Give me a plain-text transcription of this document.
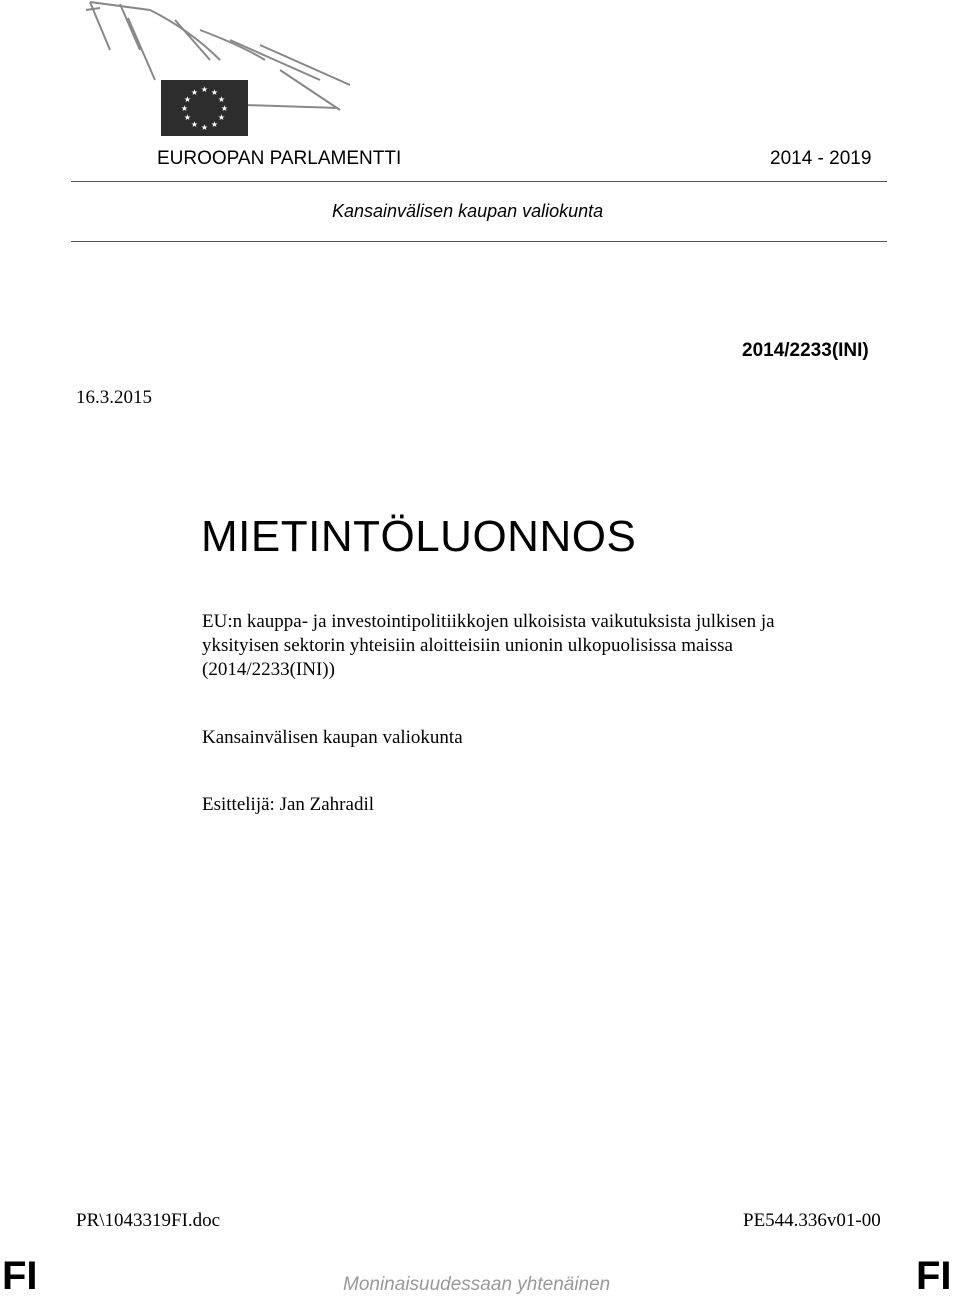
★ ★
★
★
★
★
★
★
★
★
★
★
EUROOPAN PARLAMENTTI	2014 - 2019
Kansainvälisen kaupan valiokunta
2014/2233(INI)
16.3.2015
MIETINTÖLUONNOS
EU:n kauppa- ja investointipolitiikkojen ulkoisista vaikutuksista julkisen ja
yksityisen sektorin yhteisiin aloitteisiin unionin ulkopuolisissa maissa
(2014/2233(INI))
Kansainvälisen kaupan valiokunta
Esittelijä: Jan Zahradil
PR\1043319FI.doc	PE544.336v01-00
FI	Moninaisuudessaan yhtenäinen	FI
